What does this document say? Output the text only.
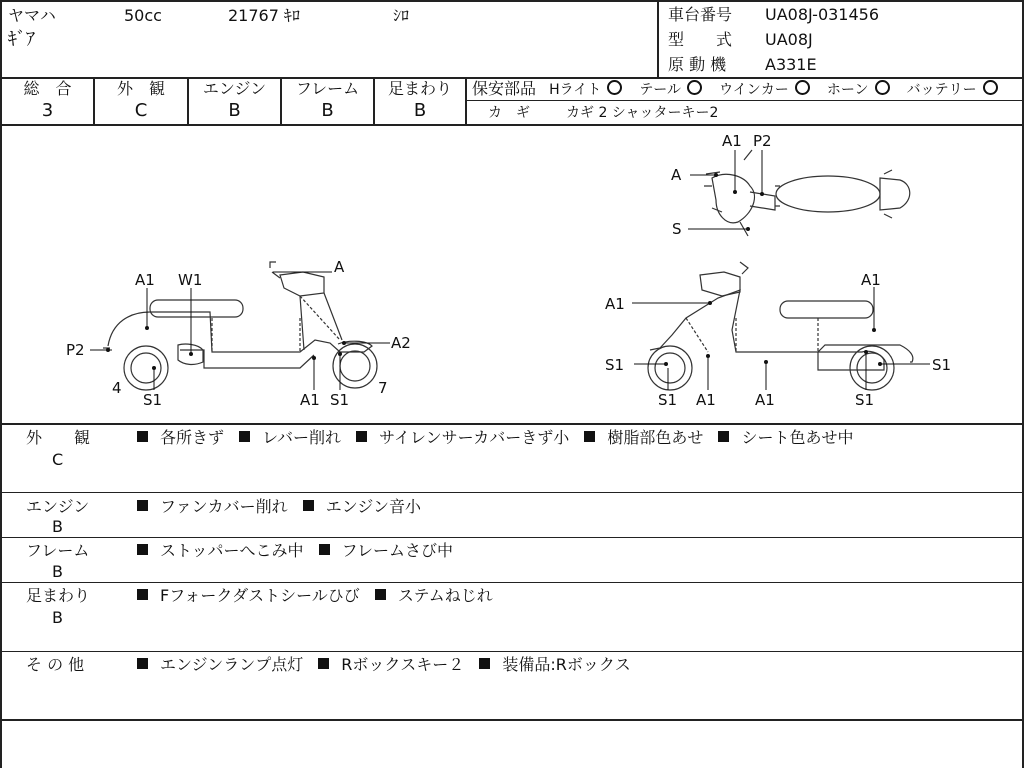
ヤマハ	50cc	21767 ｷﾛ	ｼﾛ
ｷﾞｱ
車台番号 UA08J-031456
型　　式 UA08J
原 動 機 A331E
総　合
3
外　観
C
エンジン
B
フレーム
B
足まわり
B
保安部品 Hライト	テール	ウインカー	ホーン	バッテリー
カ　ギ	カギ 2 シャッターキー2
A1 W1
A
P2	A2
4	7
S1	A1 S1
A1
A1
S1	S1
S1 A1	A1	S1
A
A1 P2
S
外　　観
C
各所きず レバー削れ サイレンサーカバーきず小 樹脂部色あせ シート色あせ中
エンジン
B
ファンカバー削れ エンジン音小
フレーム
B
ストッパーへこみ中 フレームさび中
足まわり
B
Fフォークダストシールひび ステムねじれ
そ の 他	エンジンランプ点灯 Rボックスキー２ 装備品:Rボックス
